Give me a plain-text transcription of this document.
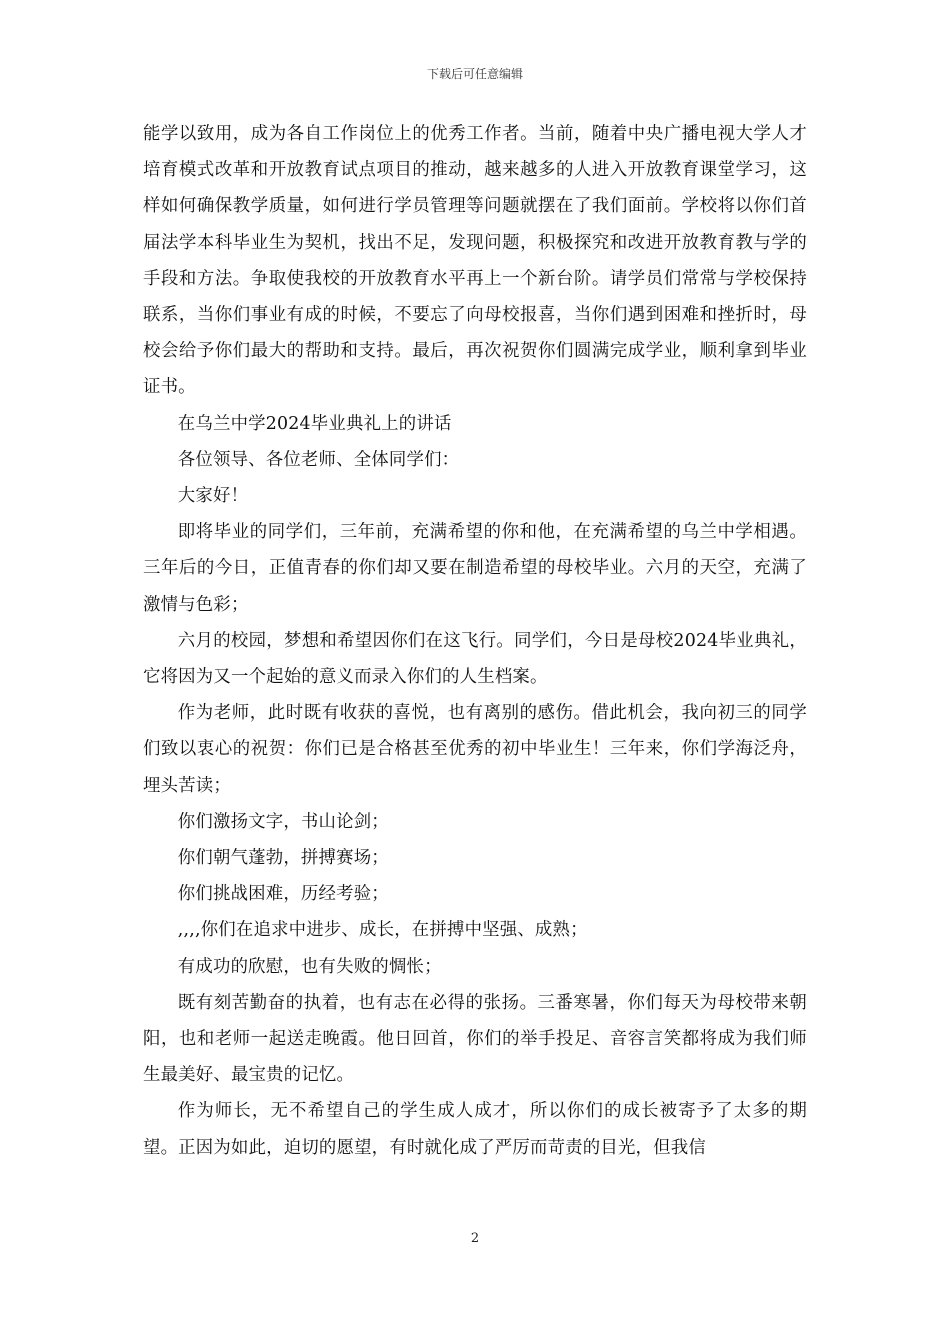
下载后可任意编辑

能学以致用，成为各自工作岗位上的优秀工作者。当前，随着中央广播电视大学人才培育模式改革和开放教育试点项目的推动，越来越多的人进入开放教育课堂学习，这样如何确保教学质量，如何进行学员管理等问题就摆在了我们面前。学校将以你们首届法学本科毕业生为契机，找出不足，发现问题，积极探究和改进开放教育教与学的手段和方法。争取使我校的开放教育水平再上一个新台阶。请学员们常常与学校保持联系，当你们事业有成的时候，不要忘了向母校报喜，当你们遇到困难和挫折时，母校会给予你们最大的帮助和支持。最后，再次祝贺你们圆满完成学业，顺利拿到毕业证书。

在乌兰中学2024毕业典礼上的讲话

各位领导、各位老师、全体同学们：

大家好！

即将毕业的同学们，三年前，充满希望的你和他，在充满希望的乌兰中学相遇。三年后的今日，正值青春的你们却又要在制造希望的母校毕业。六月的天空，充满了激情与色彩；

六月的校园，梦想和希望因你们在这飞行。同学们，今日是母校2024毕业典礼，它将因为又一个起始的意义而录入你们的人生档案。

作为老师，此时既有收获的喜悦，也有离别的感伤。借此机会，我向初三的同学们致以衷心的祝贺：你们已是合格甚至优秀的初中毕业生！三年来，你们学海泛舟，埋头苦读；

你们激扬文字，书山论剑；

你们朝气蓬勃，拼搏赛场；

你们挑战困难，历经考验；

,,,,你们在追求中进步、成长，在拼搏中坚强、成熟；

有成功的欣慰，也有失败的惆怅；

既有刻苦勤奋的执着，也有志在必得的张扬。三番寒暑，你们每天为母校带来朝阳，也和老师一起送走晚霞。他日回首，你们的举手投足、音容言笑都将成为我们师生最美好、最宝贵的记忆。

作为师长，无不希望自己的学生成人成才，所以你们的成长被寄予了太多的期望。正因为如此，迫切的愿望，有时就化成了严厉而苛责的目光，但我信

2
